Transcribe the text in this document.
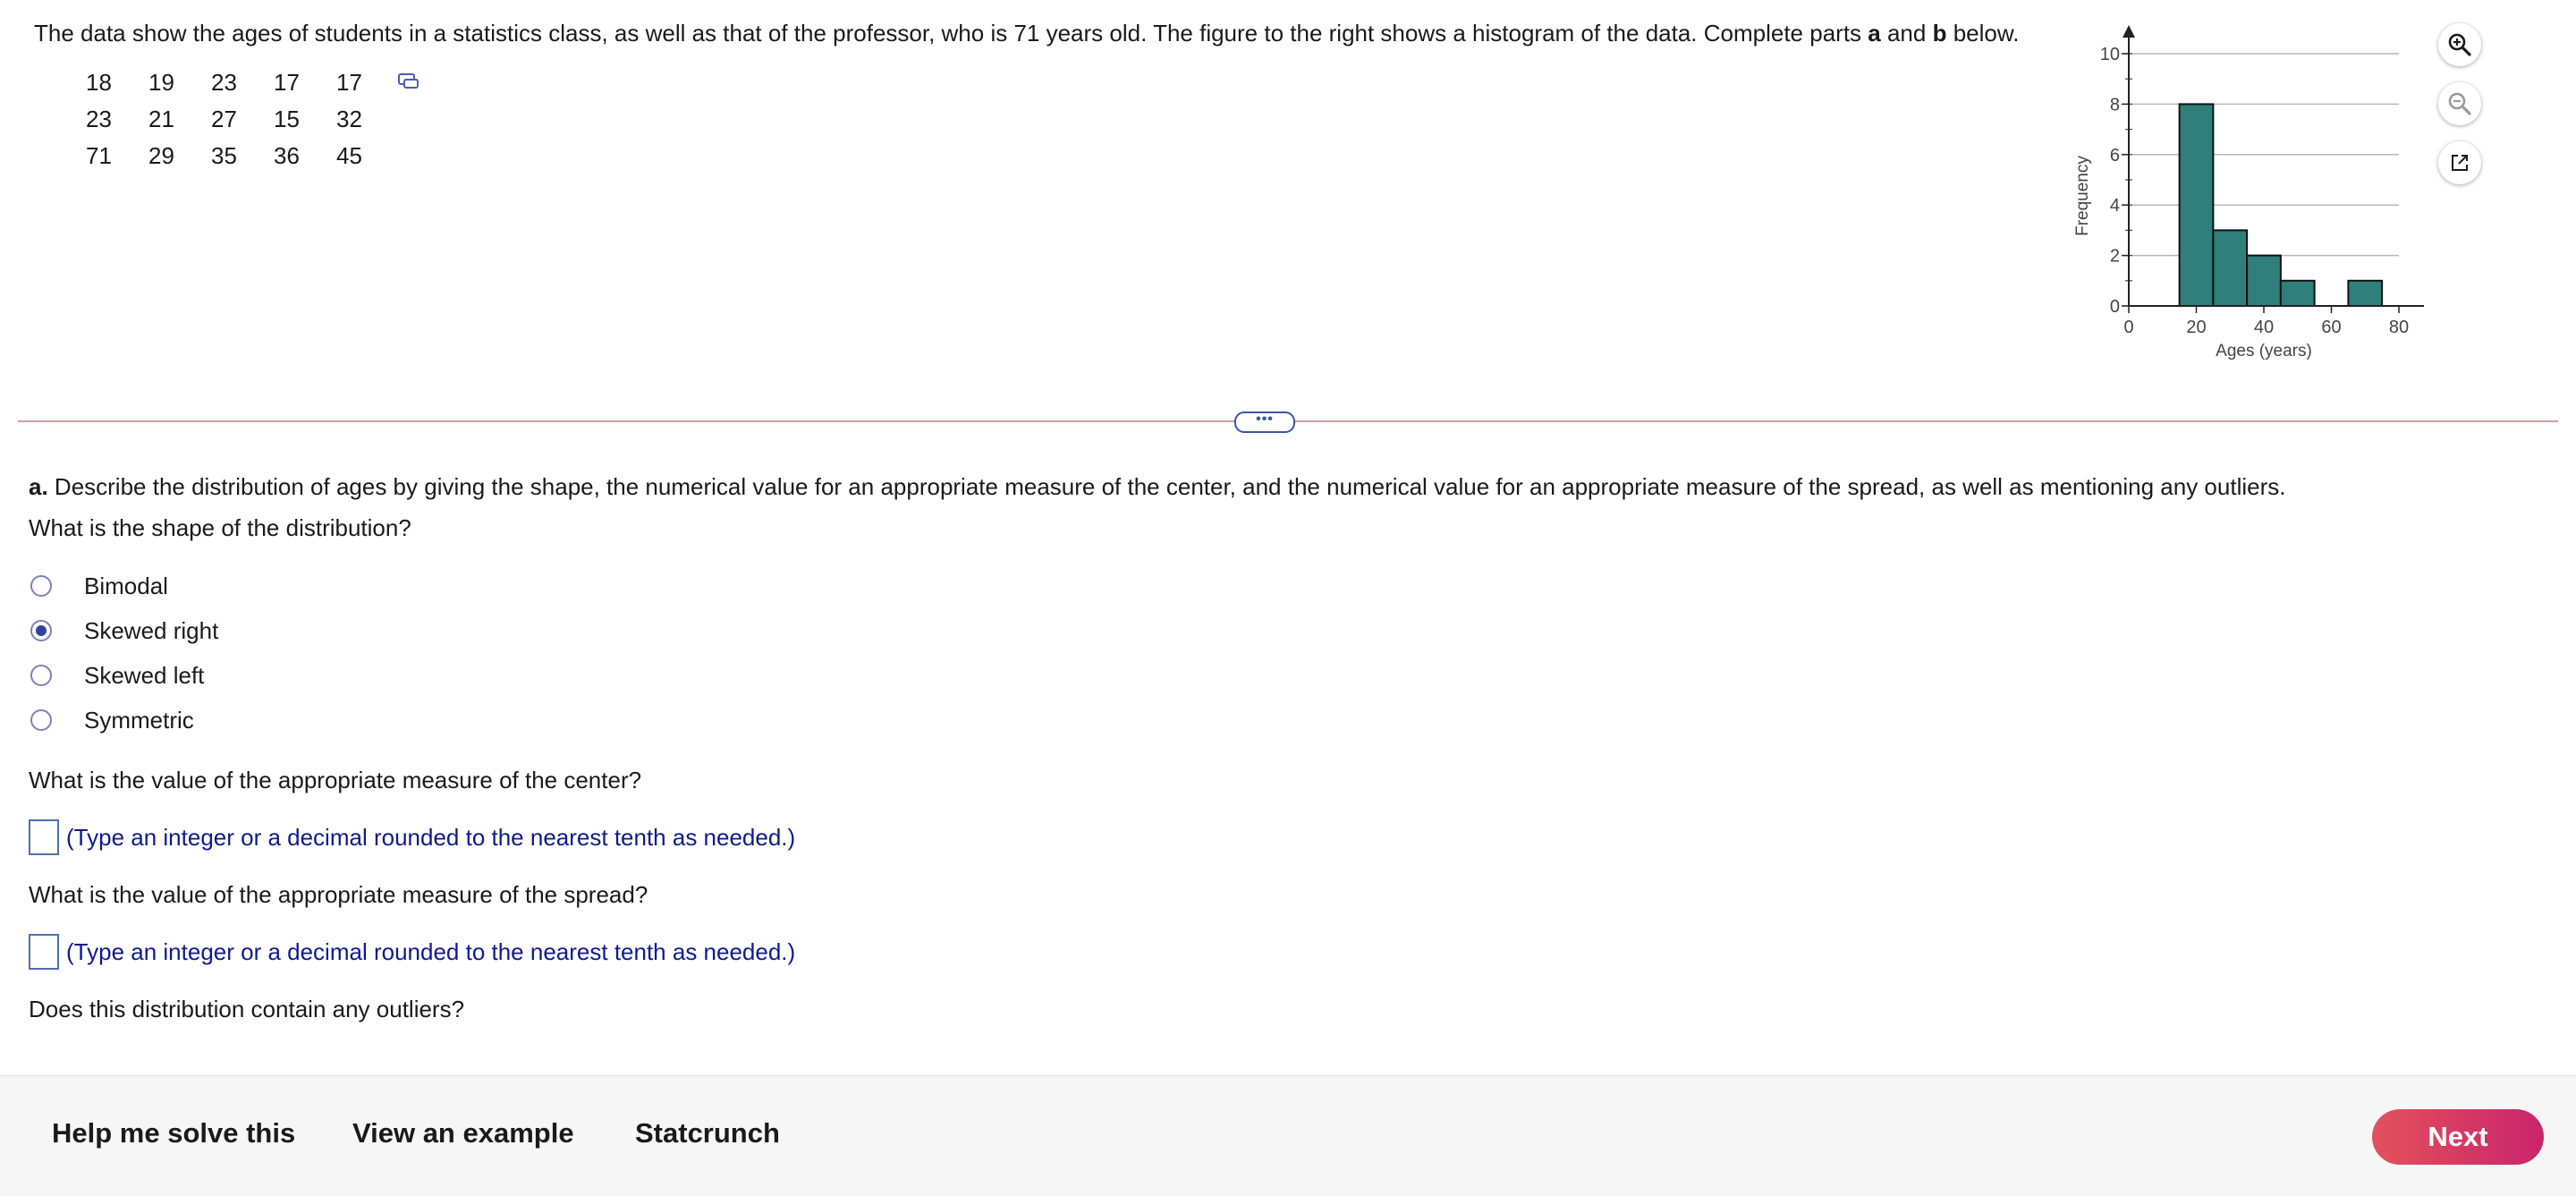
The data show the ages of students in a statistics class, as well as that of the professor, who is 71 years old. The figure to the right shows a histogram of the data. Complete parts a and b below.
18	19	23	17	17
23	21	27	15	32
71	29	35	36	45
0
2
4
6
8
10
0	20	40	60	80
Ages (years)
Frequency
•••
a. Describe the distribution of ages by giving the shape, the numerical value for an appropriate measure of the center, and the numerical value for an appropriate measure of the spread, as well as mentioning any outliers.
What is the shape of the distribution?
Bimodal
Skewed right
Skewed left
Symmetric
What is the value of the appropriate measure of the center?
(Type an integer or a decimal rounded to the nearest tenth as needed.)
What is the value of the appropriate measure of the spread?
(Type an integer or a decimal rounded to the nearest tenth as needed.)
Does this distribution contain any outliers?
Help me solve this View an example Statcrunch	Next
